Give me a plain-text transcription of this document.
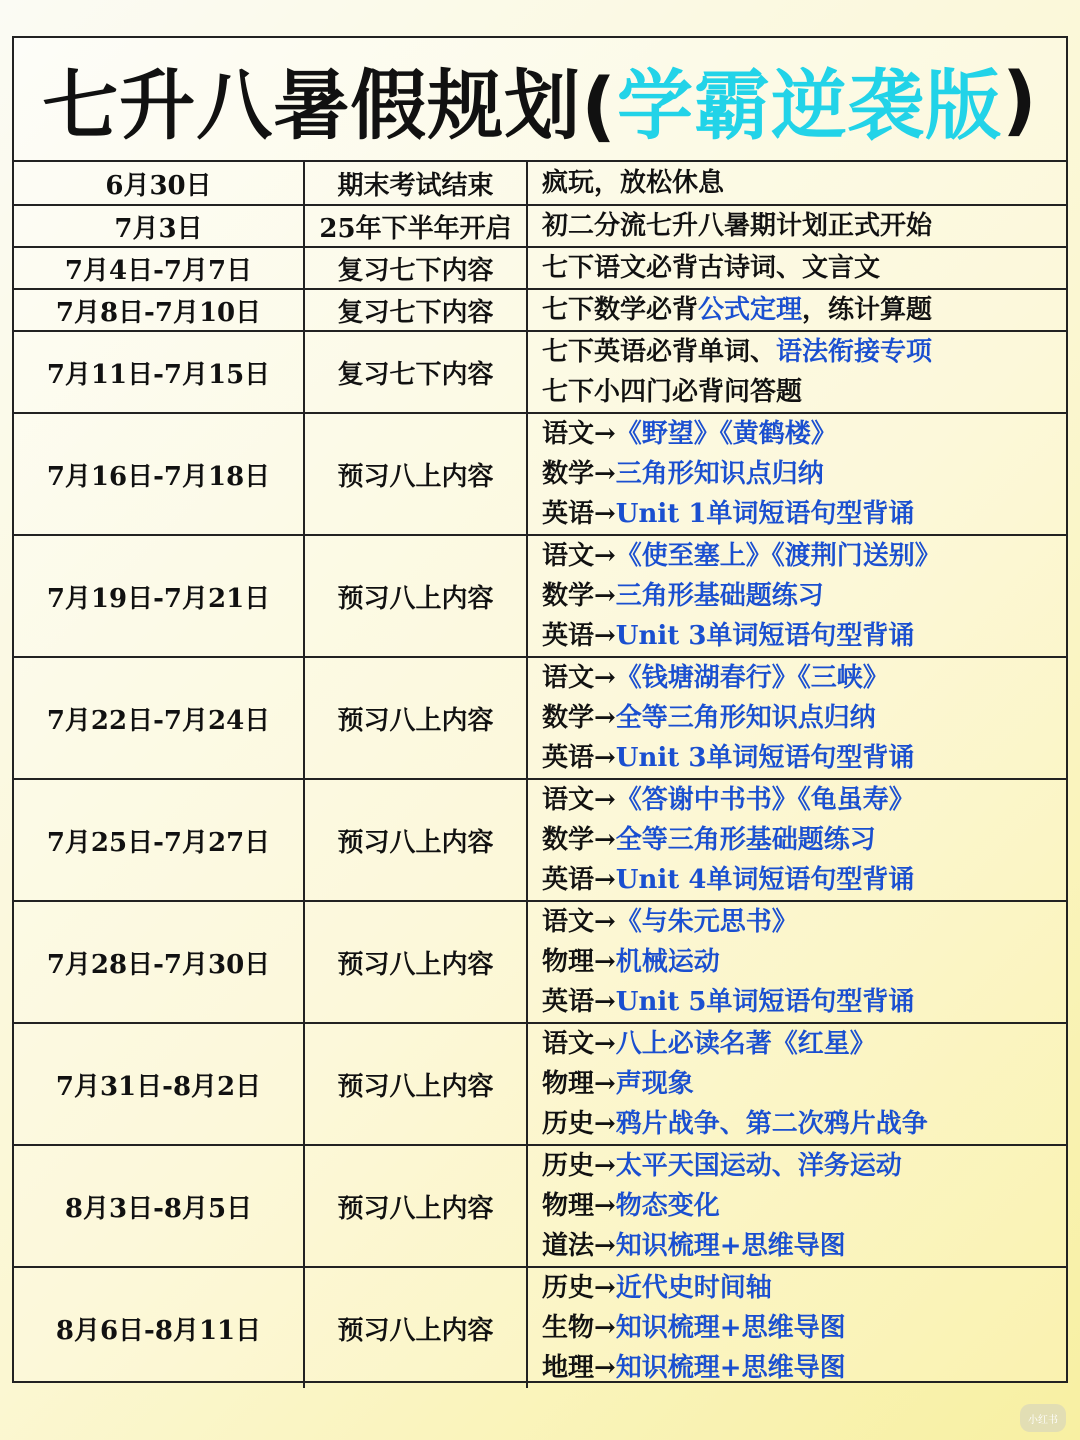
七升八暑假规划( 学霸逆袭版 )
6月30日	期末考试结束	疯玩，放松休息

7月3日	25年下半年开启	初二分流七升八暑期计划正式开始

7月4日-7月7日	复习七下内容	七下语文必背古诗词、文言文

7月8日-7月10日	复习七下内容	七下数学必背公式定理，练计算题

7月11日-7月15日	复习七下内容	七下英语必背单词、语法衔接专项
七下小四门必背问答题

7月16日-7月18日	预习八上内容	语文→《野望》《黄鹤楼》
数学→三角形知识点归纳
英语→Unit 1单词短语句型背诵

7月19日-7月21日	预习八上内容	语文→《使至塞上》《渡荆门送别》
数学→三角形基础题练习
英语→Unit 3单词短语句型背诵

7月22日-7月24日	预习八上内容	语文→《钱塘湖春行》《三峡》
数学→全等三角形知识点归纳
英语→Unit 3单词短语句型背诵

7月25日-7月27日	预习八上内容	语文→《答谢中书书》《龟虽寿》
数学→全等三角形基础题练习
英语→Unit 4单词短语句型背诵

7月28日-7月30日	预习八上内容	语文→《与朱元思书》
物理→机械运动
英语→Unit 5单词短语句型背诵

7月31日-8月2日	预习八上内容	语文→八上必读名著《红星》
物理→声现象
历史→鸦片战争、第二次鸦片战争

8月3日-8月5日	预习八上内容	历史→太平天国运动、洋务运动
物理→物态变化
道法→知识梳理+思维导图

8月6日-8月11日	预习八上内容	历史→近代史时间轴
生物→知识梳理+思维导图
地理→知识梳理+思维导图
小红书
